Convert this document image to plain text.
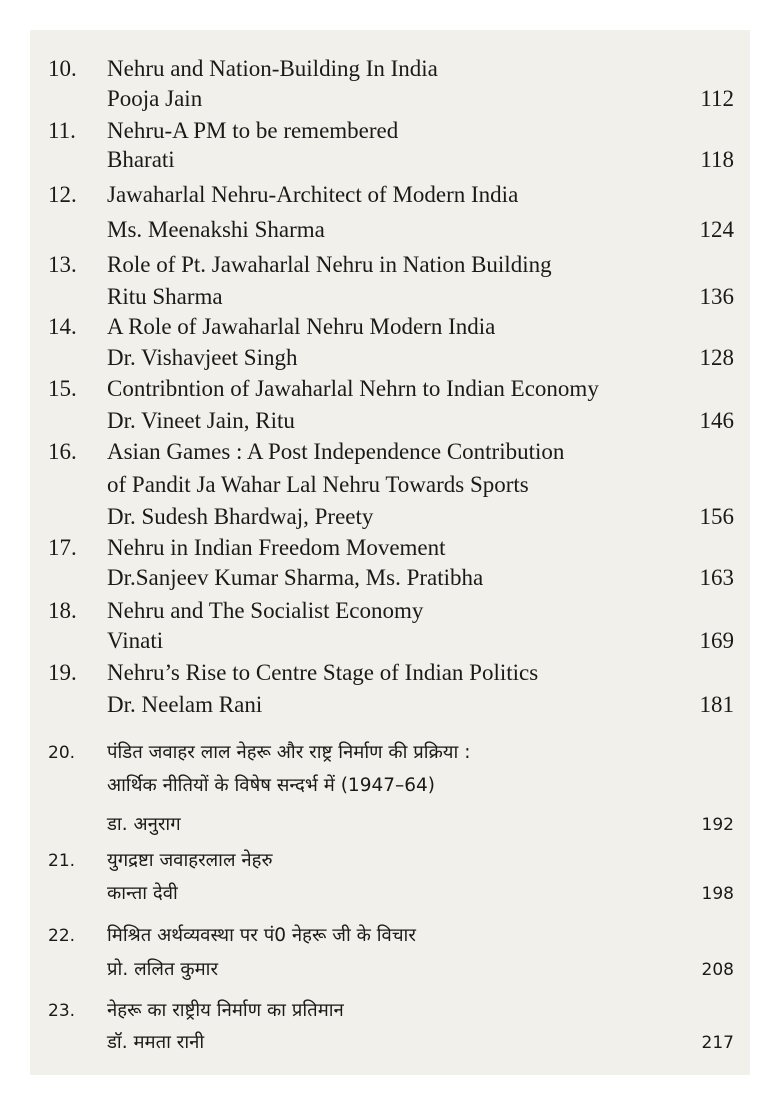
10. Nehru and Nation-Building In India
Pooja Jain	112
11. Nehru-A PM to be remembered
Bharati	118
12. Jawaharlal Nehru-Architect of Modern India
Ms. Meenakshi Sharma	124
13. Role of Pt. Jawaharlal Nehru in Nation Building
Ritu Sharma	136
14. A Role of Jawaharlal Nehru Modern India
Dr. Vishavjeet Singh	128
15. Contribntion of Jawaharlal Nehrn to Indian Economy
Dr. Vineet Jain, Ritu	146
16. Asian Games : A Post Independence Contribution
of Pandit Ja Wahar Lal Nehru Towards Sports
Dr. Sudesh Bhardwaj, Preety	156
17. Nehru in Indian Freedom Movement
Dr.Sanjeev Kumar Sharma, Ms. Pratibha	163
18. Nehru and The Socialist Economy
Vinati	169
19. Nehru’s Rise to Centre Stage of Indian Politics
Dr. Neelam Rani	181
20. पंडित जवाहर लाल नेहरू और राष्ट्र निर्माण की प्रक्रिया :
आर्थिक नीतियों के विषेष सन्दर्भ में (1947–64)
डा. अनुराग	192
21. युगद्रष्टा जवाहरलाल नेहरु
कान्ता देवी	198
22. मिश्रित अर्थव्यवस्था पर पं0 नेहरू जी के विचार
प्रो. ललित कुमार	208
23. नेहरू का राष्ट्रीय निर्माण का प्रतिमान
डॉ. ममता रानी	217
